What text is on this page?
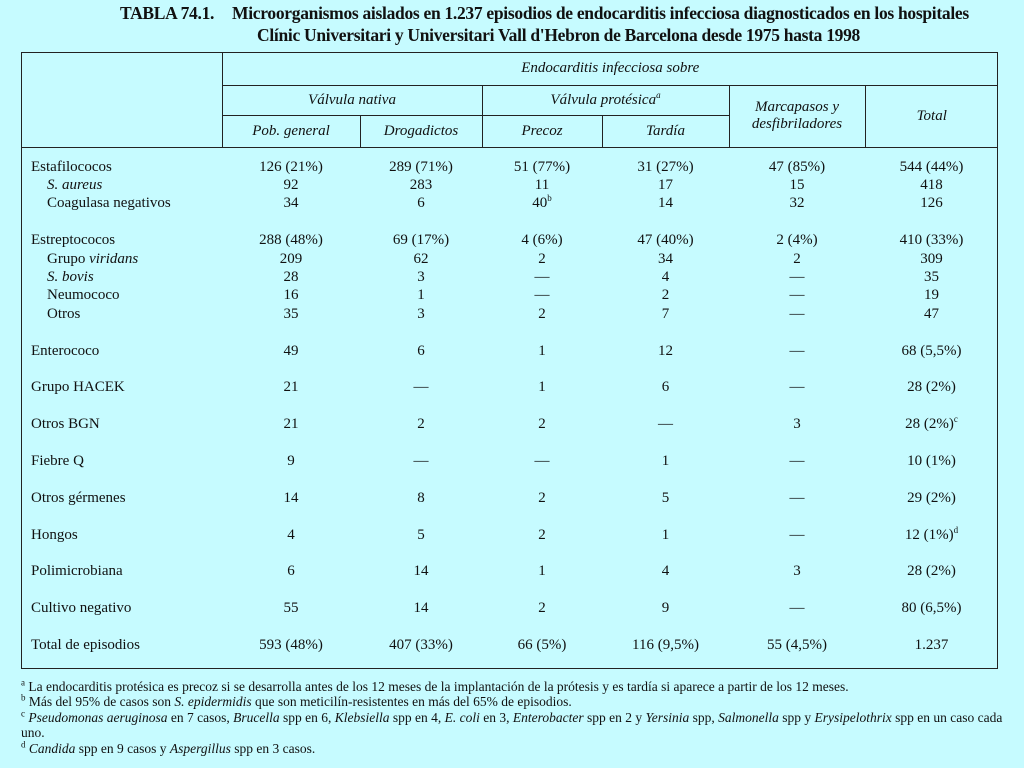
TABLA 74.1. Microorganismos aislados en 1.237 episodios de endocarditis infecciosa diagnosticados en los hospitales
Clínic Universitari y Universitari Vall d'Hebron de Barcelona desde 1975 hasta 1998
	Endocarditis infecciosa sobre					
	Válvula nativa		Válvula protésica$^a$		Marcapasos y desfibriladores	Total
	Pob. general	Drogadictos	Precoz	Tardía		

Estafilococos	126 (21%)	289 (71%)	51 (77%)	31 (27%)	47 (85%)	544 (44%)
S. aureus	92	283	11	17	15	418
Coagulasa negativos	34	6	40$^b$	14	32	126

Estreptococos	288 (48%)	69 (17%)	4 (6%)	47 (40%)	2 (4%)	410 (33%)
Grupo viridans	209	62	2	34	2	309
S. bovis	28	3	—	4	—	35
Neumococo	16	1	—	2	—	19
Otros	35	3	2	7	—	47

Enterococo	49	6	1	12	—	68 (5,5%)

Grupo HACEK	21	—	1	6	—	28 (2%)

Otros BGN	21	2	2	—	3	28 $(2\%)^c$

Fiebre Q	9	—	—	1	—	10 (1%)

Otros gérmenes	14	8	2	5	—	29 (2%)

Hongos	4	5	2	1	—	12 $(1\%)^d$

Polimicrobiana	6	14	1	4	3	28 (2%)

Cultivo negativo	55	14	2	9	—	80 (6,5%)

Total de episodios	593 (48%)	407 (33%)	66 (5%)	116 (9,5%)	55 (4,5%)	1.237
$^a$ La endocarditis protésica es precoz si se desarrolla antes de los 12 meses de la implantación de la prótesis y es tardía si aparece a partir de los 12 meses.
$^b$ Más del 95% de casos son S. epidermidis que son meticilín-resistentes en más del 65% de episodios.
$^c$ Pseudomonas aeruginosa en 7 casos, Brucella spp en 6, Klebsiella spp en 4, E. coli en 3, Enterobacter spp en 2 y Yersinia spp, Salmonella spp y Erysipelothrix spp en un caso cada uno.
$^d$ Candida spp en 9 casos y Aspergillus spp en 3 casos.
